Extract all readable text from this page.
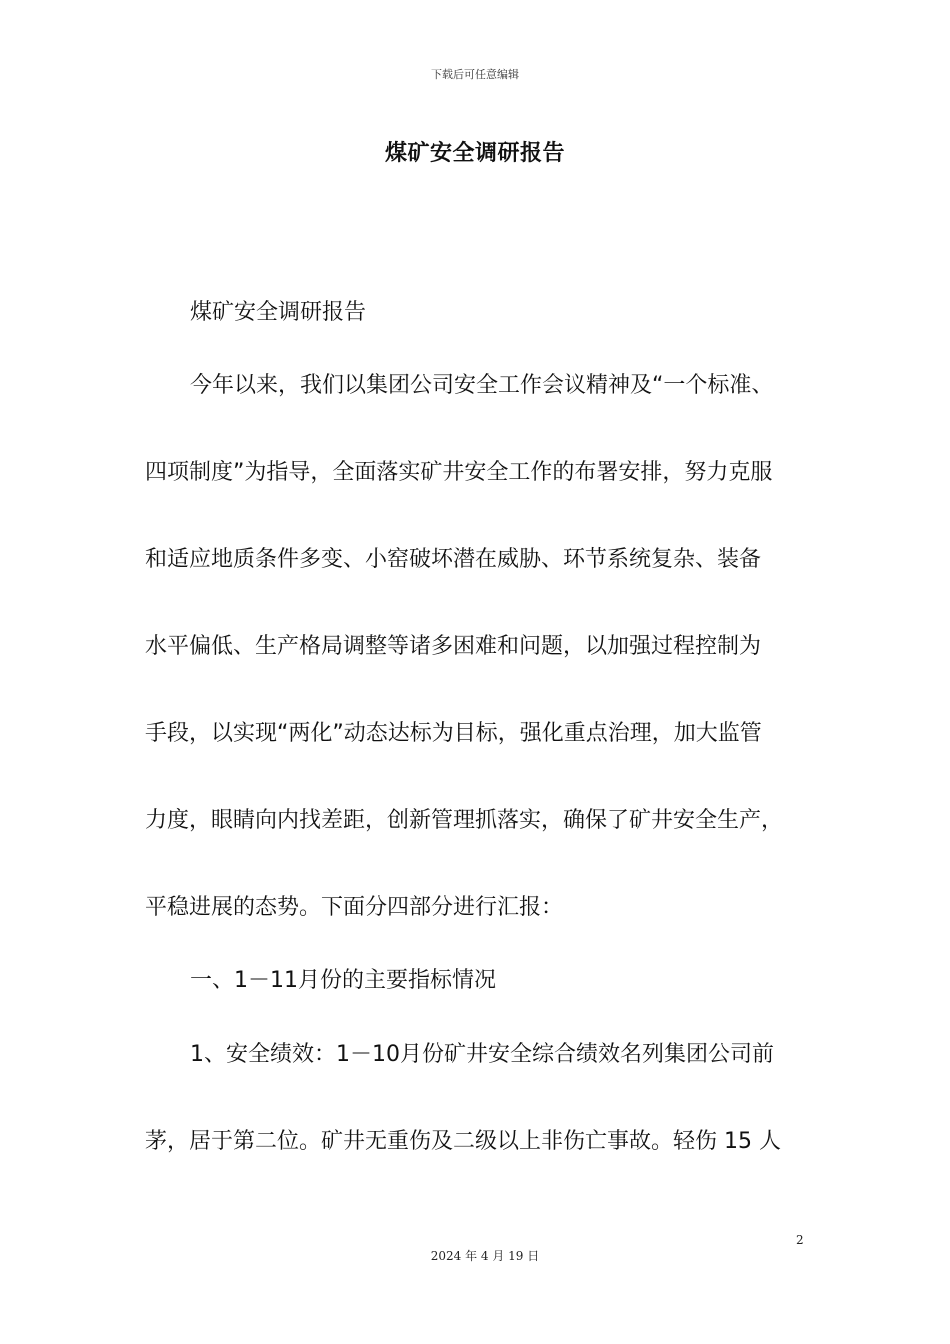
下载后可任意编辑
煤矿安全调研报告
煤矿安全调研报告
今年以来，我们以集团公司安全工作会议精神及“一个标准、
四项制度”为指导，全面落实矿井安全工作的布署安排，努力克服
和适应地质条件多变、小窑破坏潜在威胁、环节系统复杂、装备
水平偏低、生产格局调整等诸多困难和问题，以加强过程控制为
手段，以实现“两化”动态达标为目标，强化重点治理，加大监管
力度，眼睛向内找差距，创新管理抓落实，确保了矿井安全生产，
平稳进展的态势。下面分四部分进行汇报：
一、1－11月份的主要指标情况
1、安全绩效：1－10月份矿井安全综合绩效名列集团公司前
茅，居于第二位。矿井无重伤及二级以上非伤亡事故。轻伤 15 人
2
2024 年 4 月 19 日
